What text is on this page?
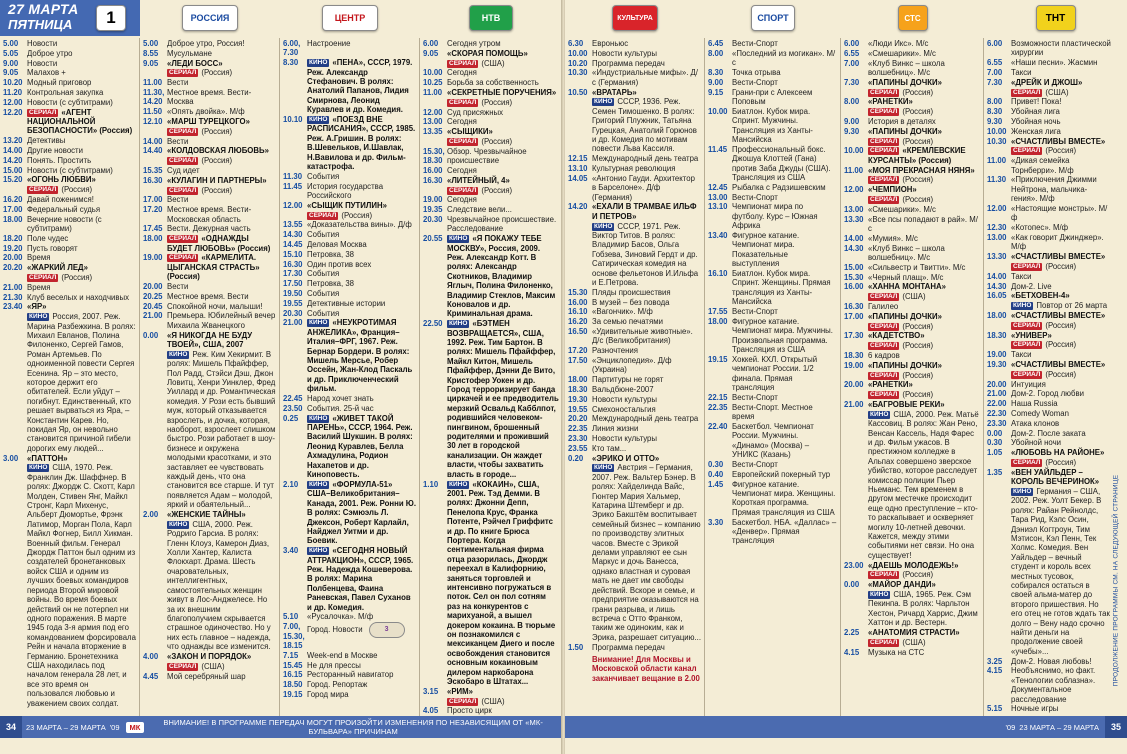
27 МАРТА
ПЯТНИЦА	1	РОССИЯ	ЦЕНТР	НТВ
5.00	Новости
5.05	Доброе утро
9.00	Новости
9.05	Малахов +
10.20 Модный приговор
11.20 Контрольная закупка
12.00 Новости (с субтитрами)
12.20 СЕРИАЛ «АГЕНТ НАЦИОНАЛЬНОЙ БЕЗОПАСНОСТИ» (Россия)
13.20 Детективы
14.00 Другие новости
14.20 Понять. Простить
15.00 Новости (с субтитрами)
15.20 «ОГОНЬ ЛЮБВИ»
СЕРИАЛ (Россия)
16.20 Давай поженимся!
17.00 Федеральный судья
18.00 Вечерние новости (с субтитрами)
18.20 Поле чудес
19.20 Пусть говорят
20.00 Время
20.20 «ЖАРКИЙ ЛЕД»
СЕРИАЛ (Россия)
21.00 Время
21.30 Клуб веселых и находчивых
23.40 «ЯР»
КИНО Россия, 2007. Реж. Марина Разбежкина. В ролях: Михаил Евланов, Полина Филоненко, Сергей Гамов, Роман Артемьев. По одноименной повести Сергея Есенина. Яр – это место, которое держит его обитателей. Если уйдут – погибнут. Единственный, кто решает вырваться из Яра, – Константин Карев. Но, покидая Яр, он невольно становится причиной гибели дорогих ему людей...
3.00	«ПАТТОН»
КИНО США, 1970. Реж. Франклин Дж. Шаффнер. В ролях: Джордж С. Скотт, Карл Молден, Стивен Янг, Майкл Стронг, Карл Михенус, Альберт Дюмортье, Фрэнк Латимор, Морган Пола, Карл Майкл Фогнер, Билл Хикман. Военный фильм. Генерал Джордж Паттон был одним из создателей бронетанковых войск США и одним из лучших боевых командиров периода Второй мировой войны. Во время боевых действий он не потерпел ни одного поражения. В марте 1945 года 3-я армия под его командованием форсировала Рейн и начала вторжение в Германию. Бронетехника США находилась под началом генерала 28 лет, и все это время он пользовался любовью и уважением своих солдат.
5.00	Доброе утро, Россия!
8.55	Мусульмане
9.05	«ЛЕДИ БОСС»
СЕРИАЛ (Россия)
11.00 Вести
11.30, 14.20
Местное время. Вести-Москва
11.50 «Опять двойка». М/ф
12.10 «МАРШ ТУРЕЦКОГО»
СЕРИАЛ (Россия)
14.00 Вести
14.40 «КОЛДОВСКАЯ ЛЮБОВЬ»
СЕРИАЛ (Россия)
15.35 Суд идет
16.30 «КУЛАГИН И ПАРТНЕРЫ»
СЕРИАЛ (Россия)
17.00 Вести
17.20 Местное время. Вести-Московская область
17.45 Вести. Дежурная часть
18.00 СЕРИАЛ «ОДНАЖДЫ БУДЕТ ЛЮБОВЬ» (Россия)
19.00 СЕРИАЛ «КАРМЕЛИТА. ЦЫГАНСКАЯ СТРАСТЬ» (Россия)
20.00 Вести
20.25 Местное время. Вести
20.45 Спокойной ночи, малыши!
21.00 Премьера. Юбилейный вечер Михаила Жванецкого
0.00	«Я НИКОГДА НЕ БУДУ ТВОЕЙ», США, 2007
КИНО Реж. Ким Хекирмит. В ролях: Мишель Пфайффер, Пол Радд, Стэйси Дэш, Джон Ловитц, Хенри Уинклер, Фред Уиллард и др. Романтическая комедия. У Рози есть бывший муж, который отказывается взрослеть, и дочка, которая, наоборот, взрослеет слишком быстро. Рози работает в шоу-бизнесе и окружена молодыми красотками, и это заставляет ее чувствовать каждый день, что она становится все старше. И тут появляется Адам – молодой, яркий и обаятельный...
2.00	«ЖЕНСКИЕ ТАЙНЫ»
КИНО США, 2000. Реж. Родриго Гарсиа. В ролях: Гленн Клоуз, Камерон Диаз, Холли Хантер, Калиста Флокхарт. Драма. Шесть очаровательных, интеллигентных, самостоятельных женщин живут в Лос-Анджелесе. Но за их внешним благополучием скрывается страшное одиночество. Но у них есть главное – надежда, что однажды все изменится.
4.00	«ЗАКОН И ПОРЯДОК»
СЕРИАЛ (США)
4.45	Мой серебряный шар
6.00, 7.30
Настроение
8.30	КИНО «ПЕНА», СССР, 1979. Реж. Александр Стефанович. В ролях: Анатолий Папанов, Лидия Смирнова, Леонид Куравлев и др. Комедия.
10.10 КИНО «ПОЕЗД ВНЕ РАСПИСАНИЯ», СССР, 1985. Реж. А.Гришин. В ролях: В.Шевельков, И.Шавлак, Н.Вавилова и др. Фильм-катастрофа.
11.30 События
11.45 История государства Российского
12.00 «СЫЩИК ПУТИЛИН»
СЕРИАЛ (Россия)
13.55 «Доказательства вины». Д/ф
14.30 События
14.45 Деловая Москва
15.10 Петровка, 38
16.30 Один против всех
17.30 События
17.50 Петровка, 38
19.50 События
19.55 Детективные истории
20.30 События
21.00 КИНО «НЕУКРОТИМАЯ АНЖЕЛИКА», Франция–Италия–ФРГ, 1967. Реж. Бернар Бордери. В ролях: Мишель Мерсье, Робер Оссейн, Жан-Клод Паскаль и др. Приключенческий фильм.
22.45 Народ хочет знать
23.50 События. 25-й час
0.25	КИНО «ЖИВЕТ ТАКОЙ ПАРЕНЬ», СССР, 1964. Реж. Василий Шукшин. В ролях: Леонид Куравлев, Белла Ахмадулина, Родион Нахапетов и др. Киноповесть.
2.10	КИНО «ФОРМУЛА-51» США–Великобритания–Канада, 2001. Реж. Ронни Ю. В ролях: Сэмюэль Л. Джексон, Роберт Карлайл, Найджел Уитми и др. Боевик.
3.40	КИНО «СЕГОДНЯ НОВЫЙ АТТРАКЦИОН», СССР, 1965. Реж. Надежда Кошеверова. В ролях: Марина Полбенцева, Фаина Раневская, Павел Суханов и др. Комедия.
5.10	«Русалочка». М/ф
7.00, 15.30, 18.15
Город. Новости	3
7.15	Week-end в Москве
15.45 Не для прессы
16.15 Ресторанный навигатор
18.50 Город. Репортаж
19.15 Город мира
6.00	Сегодня утром
9.05	«СКОРАЯ ПОМОЩЬ»
СЕРИАЛ (США)
10.00 Сегодня
10.25 Борьба за собственность
11.00 «СЕКРЕТНЫЕ ПОРУЧЕНИЯ»
СЕРИАЛ (Россия)
12.00 Суд присяжных
13.00 Сегодня
13.35 «СЫЩИКИ»
СЕРИАЛ (Россия)
15.30, 18.30
Обзор. Чрезвычайное происшествие
16.00 Сегодня
16.30 «ЛИТЕЙНЫЙ, 4»
СЕРИАЛ (Россия)
19.00 Сегодня
19.35 Следствие вели...
20.30 Чрезвычайное происшествие. Расследование
20.55 КИНО «Я ПОКАЖУ ТЕБЕ МОСКВУ», Россия, 2009. Реж. Александр Котт. В ролях: Александр Скотников, Владимир Яглыч, Полина Филоненко, Владимир Стеклов, Максим Коновалов и др. Криминальная драма.
22.50 КИНО «БЭТМЕН ВОЗВРАЩАЕТСЯ», США, 1992. Реж. Тим Бартон. В ролях: Мишель Пфайффер, Майкл Китон, Мишель Пфайффер, Дэнни Де Вито, Кристофер Уокен и др. Город терроризирует банда циркачей и ее предводитель мерзкий Освальд Кабблпот, родившийся человеком-пингвином, брошенный родителями и проживший 30 лет в городской канализации. Он жаждет власти, чтобы захватить власть в городе...
1.10	КИНО «КОКАИН», США, 2001. Реж. Тэд Демми. В ролях: Джонни Депп, Пенелопа Крус, Франка Потенте, Рэйчел Гриффитс и др. По книге Брюса Портера. Когда сентиментальная фирма отца разорилась, Джордж переехал в Калифорнию, заняться торговлей и интенсивно погружаться в поток. Сел он пол сотням раз на конкурентов с марихуаной, а вышел докером кокаина. В тюрьме он познакомился с мексиканцем Диего и после освобождения становится основным кокаиновым дилером наркобарона Эскобаро в Штатах...
3.15	«РИМ»
СЕРИАЛ (США)
4.05	Просто цирк
34	23 МАРТА – 29 МАРТА '09	МК	ВНИМАНИЕ! В ПРОГРАММЕ ПЕРЕДАЧ МОГУТ ПРОИЗОЙТИ ИЗМЕНЕНИЯ ПО НЕЗАВИСЯЩИМ ОТ «МК-БУЛЬВАРА» ПРИЧИНАМ
КУЛЬТУРА	СПОРТ	СТС	ТНТ
6.30	Евроньюс
10.00 Новости культуры
10.20 Программа передач
10.30 «Индустриальные мифы». Д/с (Германия)
10.50 «ВРАТАРЬ»
КИНО СССР, 1936. Реж. Семен Тимошенко. В ролях: Григорий Плужник, Татьяна Гурецкая, Анатолий Горюнов и др. Комедия по мотивам повести Льва Кассиля.
12.15 Международный день театра
13.10 Культурная революция
14.05 «Антонио Гауди. Архитектор в Барселоне». Д/ф (Германия)
14.20 «ЕХАЛИ В ТРАМВАЕ ИЛЬФ И ПЕТРОВ»
КИНО СССР, 1971. Реж. Виктор Титов. В ролях: Владимир Басов, Ольга Гобзева, Зиновий Гердт и др. Сатирическая комедия на основе фельетонов И.Ильфа и Е.Петрова.
15.30 Пляды происшествия
16.00 В музей – без повода
16.10 «Вагончик». М/ф
16.20 За семью печатями
16.50 «Удивительные животные». Д/с (Великобритания)
17.20 Разночтения
17.50 «Энциклопедия». Д/ф (Украина)
18.00 Партитуры не горят
18.30 Вальдбюне-2007
19.30 Новости культуры
19.55 Смехоностальгия
20.20 Международный день театра
22.35 Линия жизни
23.30 Новости культуры
23.55 Кто там...
0.20	«ЭРИКО И ОТТО»
КИНО Австрия – Германия, 2007. Реж. Вальтер Бэнер. В ролях: Хайделинда Вайс, Гюнтер Мария Хальмер, Катарина Штемберг и др. Эрико Бакштём воспитывает семейный бизнес – компанию по производству элитных часов. Вместе с Эрикой делами управляют ее сын Маркус и дочь Ванесса, однако властная и суровая мать не дает им свободы действий. Вскоре и семье, и предприятие оказываются на грани разрыва, и лишь встреча с Отто Франком, таким же одиноким, как и Эрика, разрешает ситуацию...
1.50	Программа передач
Внимание! Для Москвы и Московской области канал заканчивает вещание в 2.00
6.45	Вести-Спорт
8.00	«Последний из могикан». М/с
8.30	Точка отрыва
9.00	Вести-Спорт
9.15	Грани-при с Алексеем Поповым
10.00 Биатлон. Кубок мира. Спринт. Мужчины. Трансляция из Ханты-Мансийска
11.45 Профессиональный бокс. Джошуа Клоттей (Гана) против Заба Джуды (США). Трансляция из США
12.45 Рыбалка с Радзишевским
13.00 Вести-Спорт
13.10 Чемпионат мира по футболу. Курс – Южная Африка
13.40 Фигурное катание. Чемпионат мира. Показательные выступления
16.10 Биатлон. Кубок мира. Спринт. Женщины. Прямая трансляция из Ханты-Мансийска
17.55 Вести-Спорт
18.00 Фигурное катание. Чемпионат мира. Мужчины. Произвольная программа. Трансляция из США
19.15 Хоккей. КХЛ. Открытый чемпионат России. 1/2 финала. Прямая трансляция
22.15 Вести-Спорт
22.35 Вести-Спорт. Местное время
22.40 Баскетбол. Чемпионат России. Мужчины. «Динамо» (Москва) – УНИКС (Казань)
0.30	Вести-Спорт
0.40	Европейский покерный тур
1.45	Фигурное катание. Чемпионат мира. Женщины. Короткая программа. Прямая трансляция из США
3.30	Баскетбол. НБА. «Даллас» – «Денвер». Прямая трансляция
6.00	«Люди Икс». М/с
6.55	«Смешарики». М/с
7.00	«Клуб Винкс – школа волшебниц». М/с
7.30	«ПАПИНЫ ДОЧКИ»
СЕРИАЛ (Россия)
8.00	«РАНЕТКИ»
СЕРИАЛ (Россия)
9.00	История в деталях
9.30	«ПАПИНЫ ДОЧКИ»
СЕРИАЛ (Россия)
10.00 СЕРИАЛ «КРЕМЛЕВСКИЕ КУРСАНТЫ» (Россия)
11.00 «МОЯ ПРЕКРАСНАЯ НЯНЯ»
СЕРИАЛ (Россия)
12.00 «ЧЕМПИОН»
СЕРИАЛ (Россия)
13.00 «Смешарики». М/с
13.30 «Все псы попадают в рай». М/с
14.00 «Мумия». М/с
14.30 «Клуб Винкс – школа волшебниц». М/с
15.00 «Сильвестр и Твитти». М/с
15.30 «Черный плащ». М/с
16.00 «ХАННА МОНТАНА»
СЕРИАЛ (США)
16.30 Галилео
17.00 «ПАПИНЫ ДОЧКИ»
СЕРИАЛ (Россия)
17.30 «КАДЕТСТВО»
СЕРИАЛ (Россия)
18.30 6 кадров
19.00 «ПАПИНЫ ДОЧКИ»
СЕРИАЛ (Россия)
20.00 «РАНЕТКИ»
СЕРИАЛ (Россия)
21.00 «БАГРОВЫЕ РЕКИ»
КИНО США, 2000. Реж. Матьё Кассовиц. В ролях: Жан Рено, Венсан Кассель, Надя Фарес и др. Фильм ужасов. В престижном колледже в Альпах совершено зверское убийство, которое расследует комиссар полиции Пьер Ньеманс. Тем временем в другом местечке происходит еще одно преступление – кто-то раскапывает и оскверняет могилу 10-летней девочки. Кажется, между этими событиями нет связи. Но она существует!
23.00 «ДАЕШЬ МОЛОДЕЖЬ!»
СЕРИАЛ (Россия)
0.00	«МАЙОР ДАНДИ»
КИНО США, 1965. Реж. Сэм Пекинпа. В ролях: Чарльтон Хестон, Ричард Харрис, Джим Хаттон и др. Вестерн.
2.25	«АНАТОМИЯ СТРАСТИ»
СЕРИАЛ (США)
4.15	Музыка на СТС
6.00	Возможности пластической хирургии
6.55	«Наши песни». Жасмин
7.00	Такси
7.30	«ДРЕЙК И ДЖОШ»
СЕРИАЛ (США)
8.00	Привет! Пока!
8.30	Убойная лига
9.30	Убойная ночь
10.00 Женская лига
10.30 «СЧАСТЛИВЫ ВМЕСТЕ»
СЕРИАЛ (Россия)
11.00 «Дикая семейка Торнберри». М/ф
11.30 «Приключения Джимми Нейтрона, мальчика-гения». М/ф
12.00 «Настоящие монстры». М/ф
12.30 «Котопес». М/ф
13.00 «Как говорит Джинджер». М/ф
13.30 «СЧАСТЛИВЫ ВМЕСТЕ»
СЕРИАЛ (Россия)
14.00 Такси
14.30 Дом-2. Live
16.05 «БЕТХОВЕН-4»
КИНО Повтор от 26 марта
18.00 «СЧАСТЛИВЫ ВМЕСТЕ»
СЕРИАЛ (Россия)
18.30 «УНИВЕР»
СЕРИАЛ (Россия)
19.00 Такси
19.30 «СЧАСТЛИВЫ ВМЕСТЕ»
СЕРИАЛ (Россия)
20.00 Интуиция
21.00 Дом-2. Город любви
22.00 Наша Russia
22.30 Comedy Woman
23.30 Атака клонов
0.00	Дом-2. После заката
0.30	Убойной ночи
1.05	«ЛЮБОВЬ НА РАЙОНЕ»
СЕРИАЛ (Россия)
1.35	«ВЕН УАЙЛЬДЕР – КОРОЛЬ ВЕЧЕРИНОК»
КИНО Германия – США, 2002. Реж. Уолт Бекер. В ролях: Райан Рейнолдс, Тара Рид, Кэлс Осин, Дэниэл Когтроун, Тим Мэтисон, Кэл Пенн, Тек Холмс. Комедия. Вен Уайльдер – вечный студент и король всех местных тусовок, собирался остаться в своей альма-матер до второго пришествия. Но его отец не готов ждать так долго – Вену надо срочно найти деньги на продолжение своей «учебы»...
3.25	Дом-2. Новая любовь!
4.15	Необъяснимо, но факт. «Тенологии соблазна». Документальное расследование
5.15	Ночные игры
ПРОДОЛЖЕНИЕ ПРОГРАММЫ СМ. НА СЛЕДУЮЩЕЙ СТРАНИЦЕ
'09 23 МАРТА – 29 МАРТА	35
